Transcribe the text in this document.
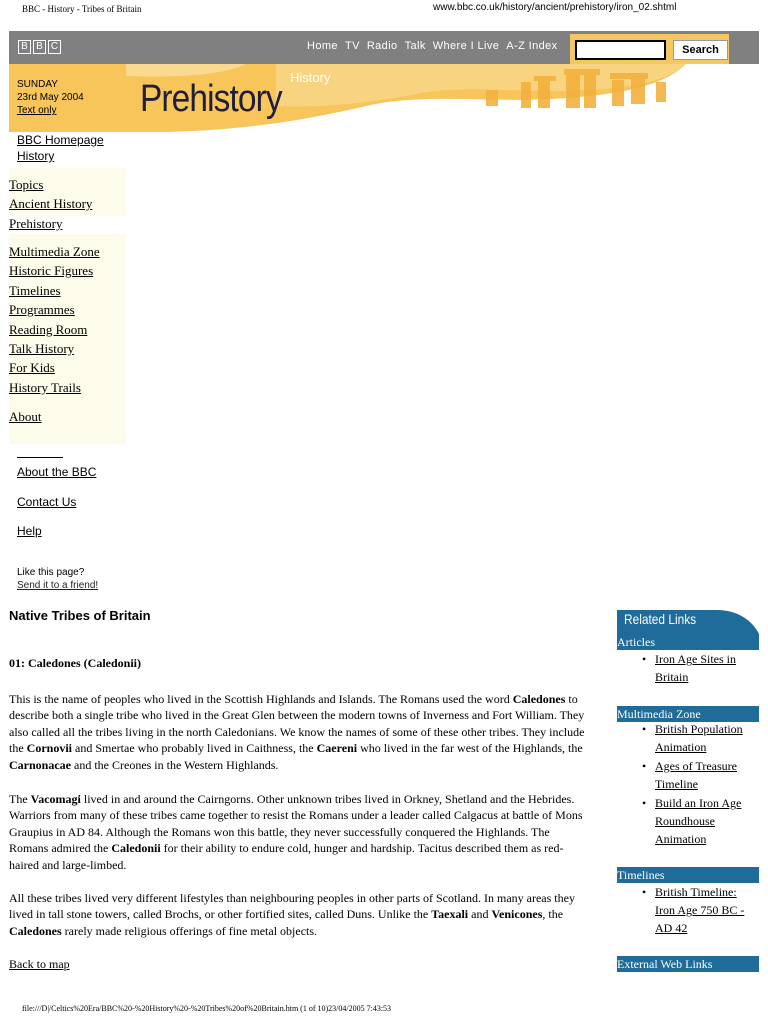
BBC - History - Tribes of Britain	www.bbc.co.uk/history/ancient/prehistory/iron_02.shtml
B B C	Home TV Radio Talk Where I Live A-Z Index	Search
SUNDAY
23rd May 2004
Text only	Prehistory
History
BBC Homepage
History
Topics
Ancient History
Prehistory
Multimedia Zone
Historic Figures
Timelines
Programmes
Reading Room
Talk History
For Kids
History Trails
About
About the BBC
Contact Us
Help
Like this page?
Send it to a friend!
Native Tribes of Britain
01: Caledones (Caledonii)
This is the name of peoples who lived in the Scottish Highlands and Islands. The Romans used the word Caledones to describe both a single tribe who lived in the Great Glen between the modern towns of Inverness and Fort William. They also called all the tribes living in the north Caledonians. We know the names of some of these other tribes. They include the Cornovii and Smertae who probably lived in Caithness, the Caereni who lived in the far west of the Highlands, the Carnonacae and the Creones in the Western Highlands.
The Vacomagi lived in and around the Cairngorns. Other unknown tribes lived in Orkney, Shetland and the Hebrides. Warriors from many of these tribes came together to resist the Romans under a leader called Calgacus at battle of Mons Graupius in AD 84. Although the Romans won this battle, they never successfully conquered the Highlands. The Romans admired the Caledonii for their ability to endure cold, hunger and hardship. Tacitus described them as red-haired and large-limbed.
All these tribes lived very different lifestyles than neighbouring peoples in other parts of Scotland. In many areas they lived in tall stone towers, called Brochs, or other fortified sites, called Duns. Unlike the Taexali and Venicones, the Caledones rarely made religious offerings of fine metal objects.
Back to map
Related Links
Articles
• Iron Age Sites in Britain
Multimedia Zone
• British Population Animation
• Ages of Treasure Timeline
• Build an Iron Age Roundhouse Animation
Timelines
• British Timeline: Iron Age 750 BC - AD 42
External Web Links
file:///D|/Celtics%20Era/BBC%20-%20History%20-%20Tribes%20of%20Britain.htm (1 of 10)23/04/2005 7:43:53
